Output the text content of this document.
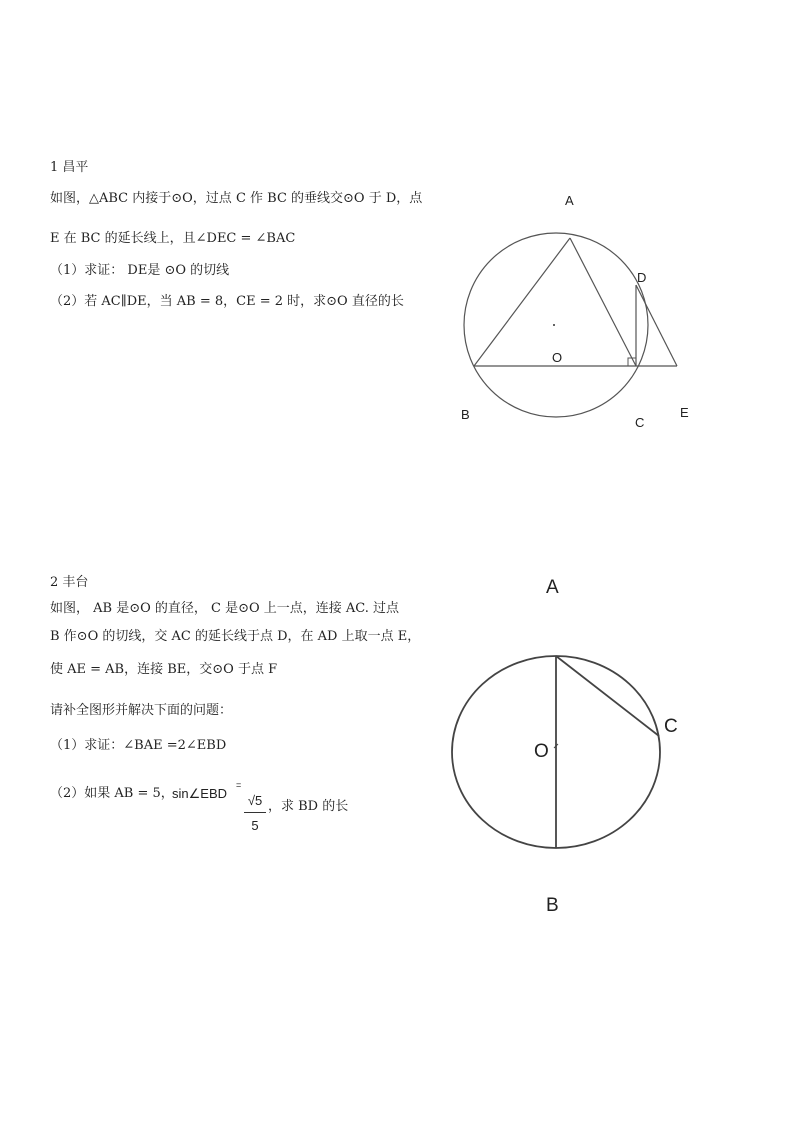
1 昌平
如图，△ABC 内接于⊙O，过点 C 作 BC 的垂线交⊙O 于 D，点
E 在 BC 的延长线上，且∠DEC = ∠BAC
（1）求证： DE是 ⊙O 的切线
（2）若 AC∥DE，当 AB = 8，CE = 2 时，求⊙O 直径的长
A
D
O
B
C
E
2 丰台
如图， AB 是⊙O 的直径， C 是⊙O 上一点，连接 AC. 过点
B 作⊙O 的切线，交 AC 的延长线于点 D，在 AD 上取一点 E，
使 AE = AB，连接 BE，交⊙O 于点 F
请补全图形并解决下面的问题：
（1）求证：∠BAE =2∠EBD
（2）如果 AB = 5，
sin∠EBD
=
√5
5
，求 BD 的长
A
C
O
B
